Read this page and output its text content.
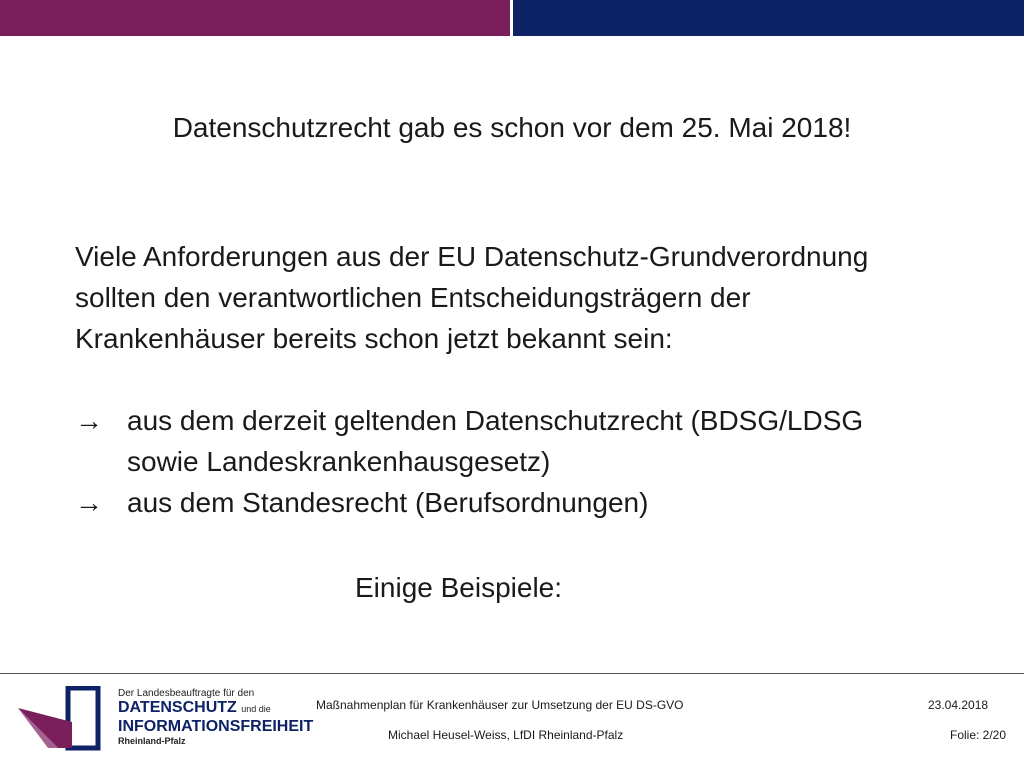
Datenschutzrecht gab es schon vor dem 25. Mai 2018!
Viele Anforderungen aus der EU Datenschutz-Grundverordnung
sollten den verantwortlichen Entscheidungsträgern der
Krankenhäuser bereits schon jetzt bekannt sein:
→ aus dem derzeit geltenden Datenschutzrecht (BDSG/LDSG
sowie Landeskrankenhausgesetz)
→ aus dem Standesrecht (Berufsordnungen)
Einige Beispiele:
Der Landesbeauftragte für den
DATENSCHUTZ und die
INFORMATIONSFREIHEIT
Rheinland-Pfalz
Maßnahmenplan für Krankenhäuser zur Umsetzung der EU DS-GVO	23.04.2018
Michael Heusel-Weiss, LfDI Rheinland-Pfalz	Folie: 2/20
